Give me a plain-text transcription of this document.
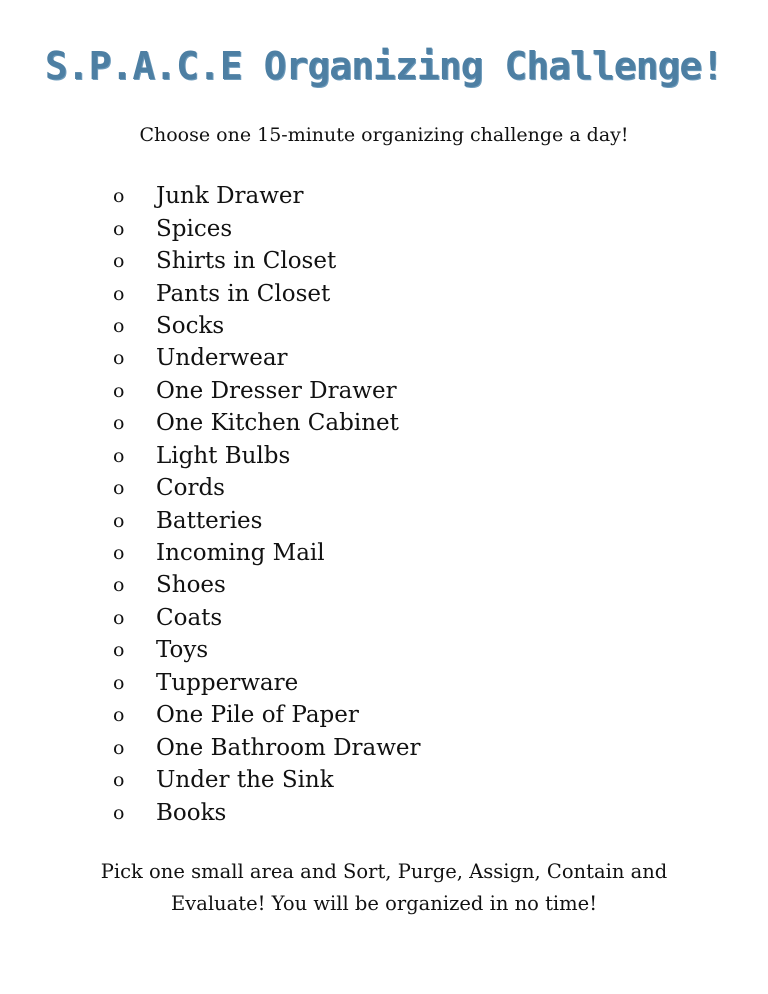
S.P.A.C.E Organizing Challenge!
Choose one 15-minute organizing challenge a day!
o	Junk Drawer
o	Spices
o	Shirts in Closet
o	Pants in Closet
o	Socks
o	Underwear
o	One Dresser Drawer
o	One Kitchen Cabinet
o	Light Bulbs
o	Cords
o	Batteries
o	Incoming Mail
o	Shoes
o	Coats
o	Toys
o	Tupperware
o	One Pile of Paper
o	One Bathroom Drawer
o	Under the Sink
o	Books
Pick one small area and Sort, Purge, Assign, Contain and
Evaluate! You will be organized in no time!
